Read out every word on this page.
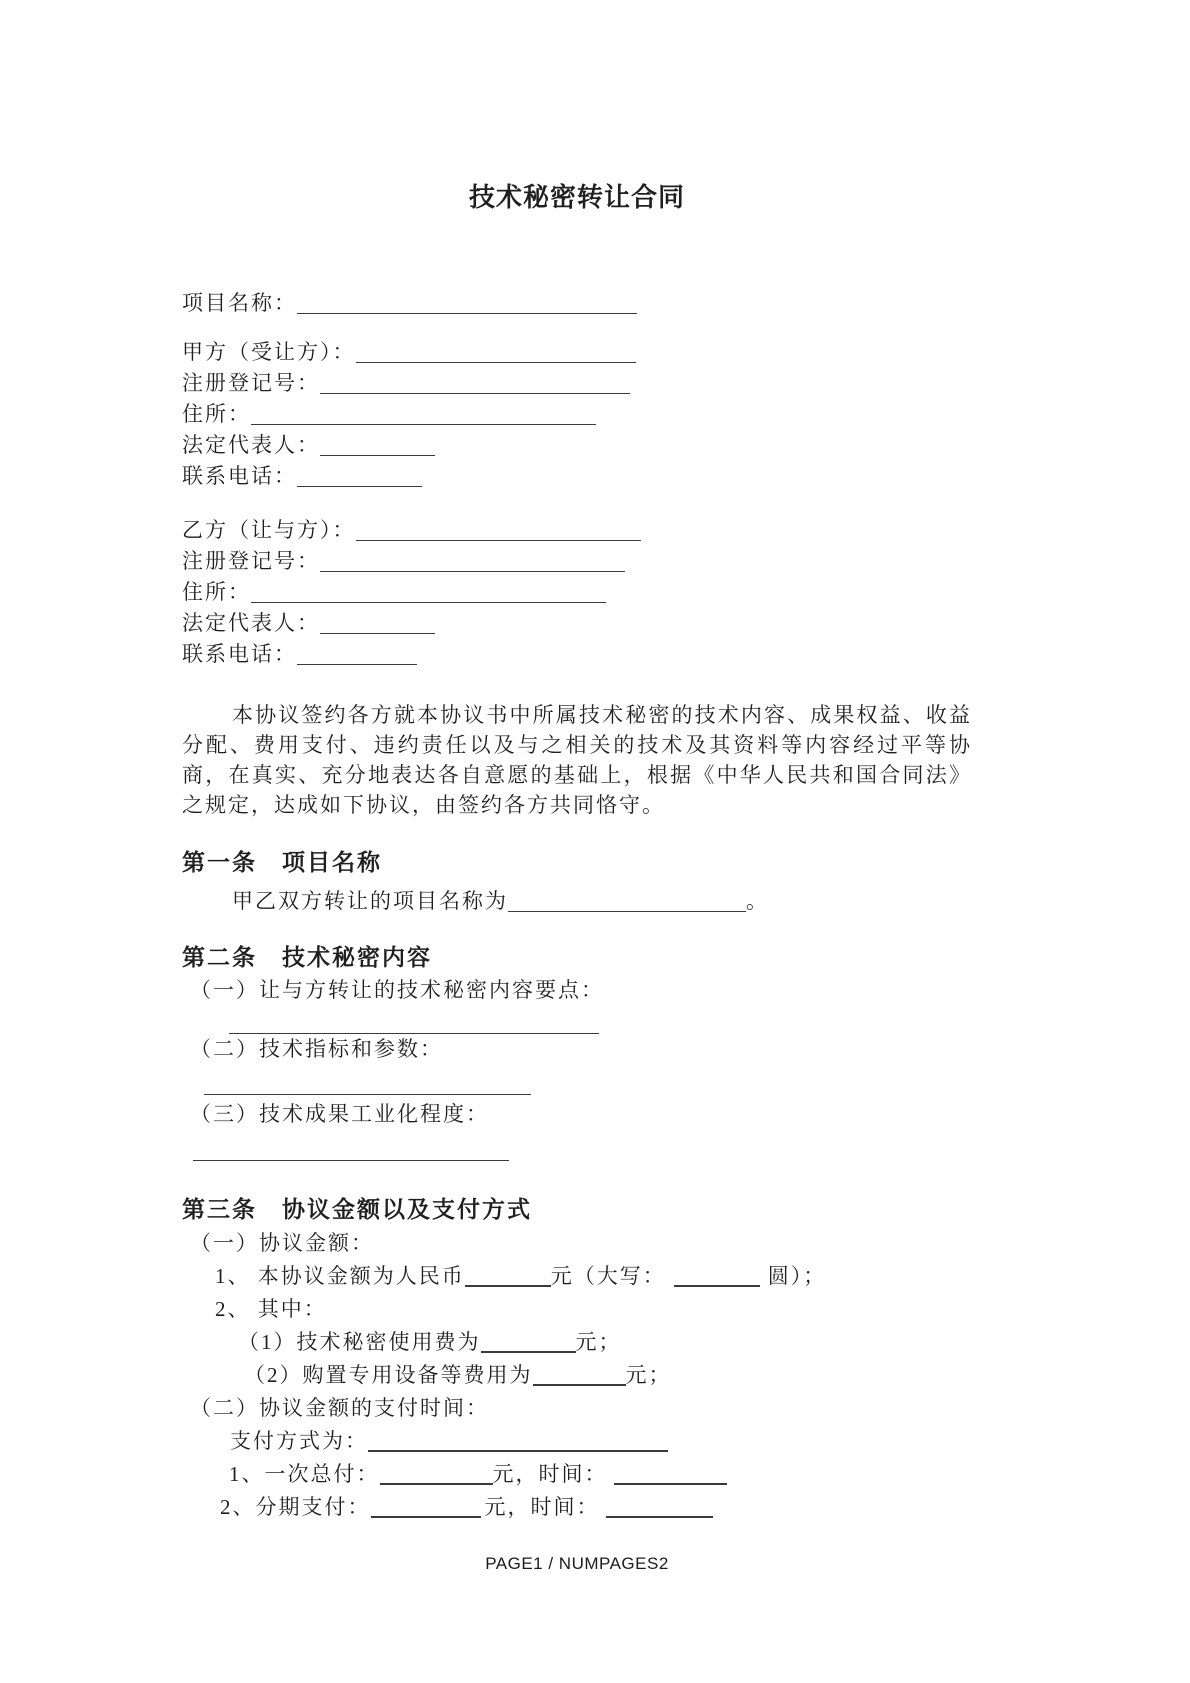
技术秘密转让合同
项目名称：
甲方（受让方）：
注册登记号：
住所：
法定代表人：
联系电话：
乙方（让与方）：
注册登记号：
住所：
法定代表人：
联系电话：
本协议签约各方就本协议书中所属技术秘密的技术内容、成果权益、收益分配、费用支付、违约责任以及与之相关的技术及其资料等内容经过平等协商，在真实、充分地表达各自意愿的基础上，根据《中华人民共和国合同法》之规定，达成如下协议，由签约各方共同恪守。
第一条　项目名称
甲乙双方转让的项目名称为	。
第二条　技术秘密内容
（一）让与方转让的技术秘密内容要点：
（二）技术指标和参数：
（三）技术成果工业化程度：
第三条　协议金额以及支付方式
（一）协议金额：
1、 本协议金额为人民币	元（大写：	圆）；
2、 其中：
（1）技术秘密使用费为	元；
（2）购置专用设备等费用为	元；
（二）协议金额的支付时间：
支付方式为：
1、一次总付：	元，时间：
2、分期支付：	元，时间：
PAGE1 / NUMPAGES2
